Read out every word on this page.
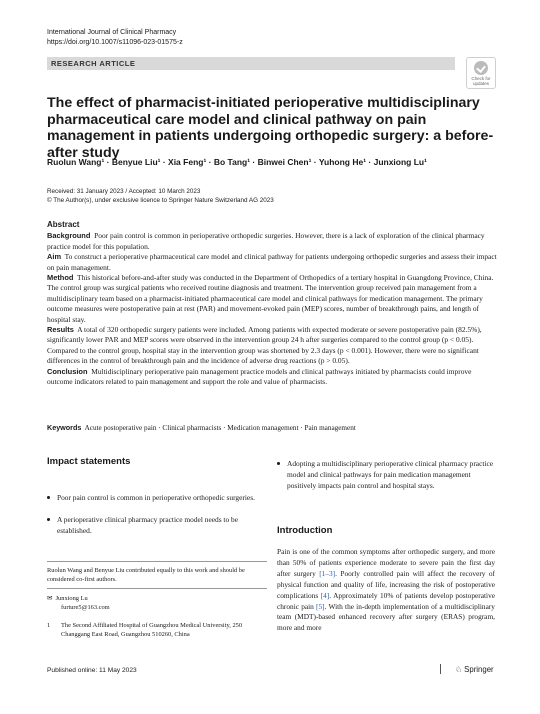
International Journal of Clinical Pharmacy
https://doi.org/10.1007/s11096-023-01575-z
RESEARCH ARTICLE
Check for
updates
The effect of pharmacist-initiated perioperative multidisciplinary pharmaceutical care model and clinical pathway on pain management in patients undergoing orthopedic surgery: a before-after study
Ruolun Wang¹ · Benyue Liu¹ · Xia Feng¹ · Bo Tang¹ · Binwei Chen¹ · Yuhong He¹ · Junxiong Lu¹
Received: 31 January 2023 / Accepted: 10 March 2023
© The Author(s), under exclusive licence to Springer Nature Switzerland AG 2023
Abstract

Background Poor pain control is common in perioperative orthopedic surgeries. However, there is a lack of exploration of the clinical pharmacy practice model for this population.

Aim To construct a perioperative pharmaceutical care model and clinical pathway for patients undergoing orthopedic surgeries and assess their impact on pain management.

Method This historical before-and-after study was conducted in the Department of Orthopedics of a tertiary hospital in Guangdong Province, China. The control group was surgical patients who received routine diagnosis and treatment. The intervention group received pain management from a multidisciplinary team based on a pharmacist-initiated pharmaceutical care model and clinical pathways for medication management. The primary outcome measures were postoperative pain at rest (PAR) and movement-evoked pain (MEP) scores, number of breakthrough pains, and length of hospital stay.

Results A total of 320 orthopedic surgery patients were included. Among patients with expected moderate or severe postoperative pain (82.5%), significantly lower PAR and MEP scores were observed in the intervention group 24 h after surgeries compared to the control group (p < 0.05). Compared to the control group, hospital stay in the intervention group was shortened by 2.3 days (p < 0.001). However, there were no significant differences in the control of breakthrough pain and the incidence of adverse drug reactions (p > 0.05).

Conclusion Multidisciplinary perioperative pain management practice models and clinical pathways initiated by pharmacists could improve outcome indicators related to pain management and support the role and value of pharmacists.

Keywords Acute postoperative pain · Clinical pharmacists · Medication management · Pain management
Impact statements
Poor pain control is common in perioperative orthopedic surgeries.
A perioperative clinical pharmacy practice model needs to be established.
Adopting a multidisciplinary perioperative clinical pharmacy practice model and clinical pathways for pain medication management positively impacts pain control and hospital stays.
Ruolun Wang and Benyue Liu contributed equally to this work and should be considered co-first authors.
✉ Junxiong Lu
furture5@163.com
1 The Second Affiliated Hospital of Guangzhou Medical University, 250 Changgang East Road, Guangzhou 510260, China
Introduction
Pain is one of the common symptoms after orthopedic surgery, and more than 50% of patients experience moderate to severe pain the first day after surgery [1–3]. Poorly controlled pain will affect the recovery of physical function and quality of life, increasing the risk of postoperative complications [4]. Approximately 10% of patients develop postoperative chronic pain [5]. With the in-depth implementation of a multidisciplinary team (MDT)-based enhanced recovery after surgery (ERAS) program, more and more
Published online: 11 May 2023	♘ Springer
